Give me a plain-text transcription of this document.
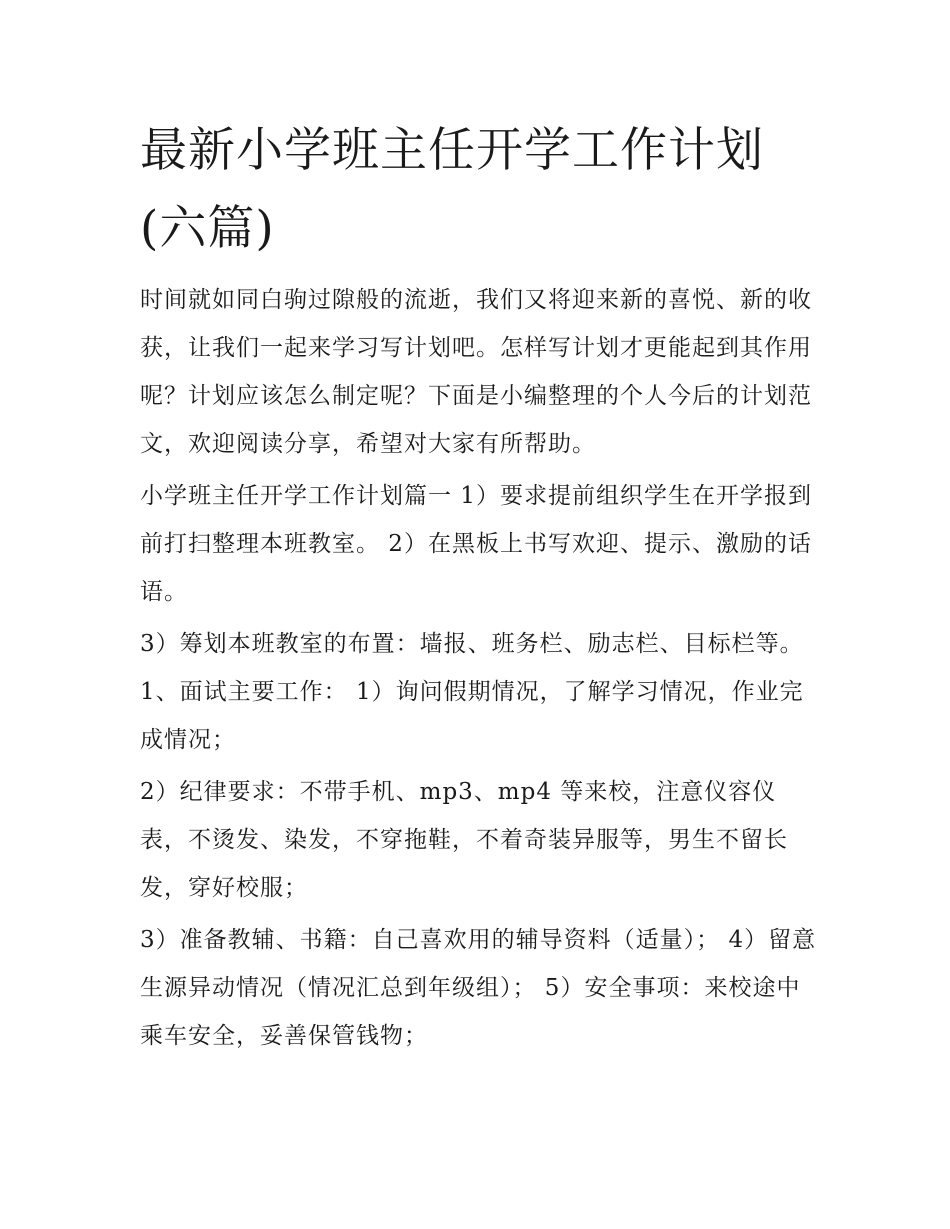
最新小学班主任开学工作计划(六篇)

时间就如同白驹过隙般的流逝，我们又将迎来新的喜悦、新的收获，让我们一起来学习写计划吧。怎样写计划才更能起到其作用呢？计划应该怎么制定呢？下面是小编整理的个人今后的计划范文，欢迎阅读分享，希望对大家有所帮助。

小学班主任开学工作计划篇一 1）要求提前组织学生在开学报到前打扫整理本班教室。 2）在黑板上书写欢迎、提示、激励的话语。

3）筹划本班教室的布置：墙报、班务栏、励志栏、目标栏等。 1、面试主要工作： 1）询问假期情况，了解学习情况，作业完成情况；

2）纪律要求：不带手机、mp3、mp4 等来校，注意仪容仪表，不烫发、染发，不穿拖鞋，不着奇装异服等，男生不留长发，穿好校服；

3）准备教辅、书籍：自己喜欢用的辅导资料（适量）； 4）留意生源异动情况（情况汇总到年级组）； 5）安全事项：来校途中乘车安全，妥善保管钱物；
